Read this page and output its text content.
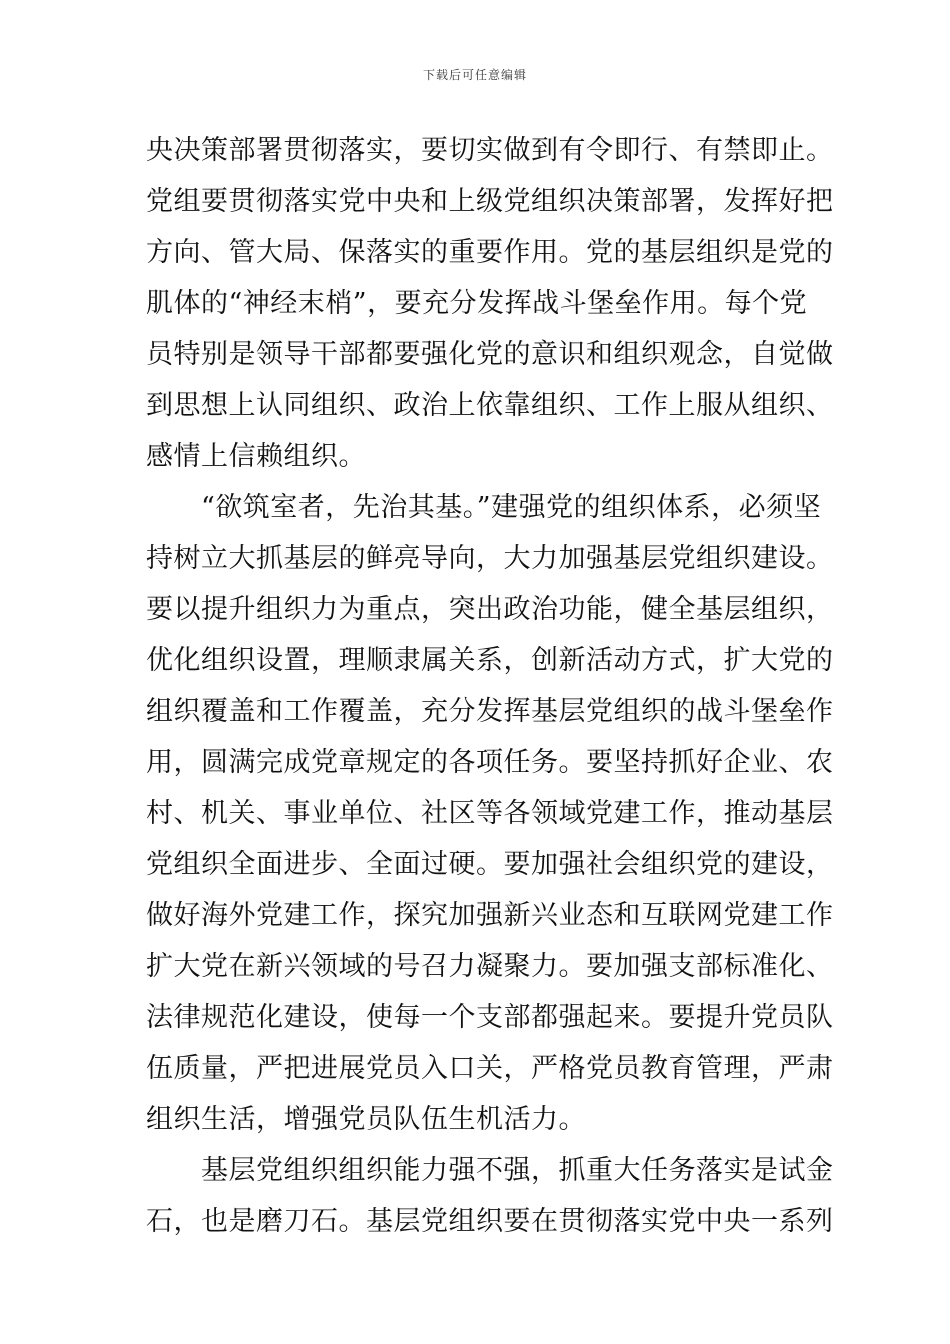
下载后可任意编辑
央决策部署贯彻落实，要切实做到有令即行、有禁即止。
党组要贯彻落实党中央和上级党组织决策部署，发挥好把
方向、管大局、保落实的重要作用。党的基层组织是党的
肌体的“神经末梢”，要充分发挥战斗堡垒作用。每个党
员特别是领导干部都要强化党的意识和组织观念，自觉做
到思想上认同组织、政治上依靠组织、工作上服从组织、
感情上信赖组织。
　　“欲筑室者，先治其基。”建强党的组织体系，必须坚
持树立大抓基层的鲜亮导向，大力加强基层党组织建设。
要以提升组织力为重点，突出政治功能，健全基层组织，
优化组织设置，理顺隶属关系，创新活动方式，扩大党的
组织覆盖和工作覆盖，充分发挥基层党组织的战斗堡垒作
用，圆满完成党章规定的各项任务。要坚持抓好企业、农
村、机关、事业单位、社区等各领域党建工作，推动基层
党组织全面进步、全面过硬。要加强社会组织党的建设，
做好海外党建工作，探究加强新兴业态和互联网党建工作
扩大党在新兴领域的号召力凝聚力。要加强支部标准化、
法律规范化建设，使每一个支部都强起来。要提升党员队
伍质量，严把进展党员入口关，严格党员教育管理，严肃
组织生活，增强党员队伍生机活力。
　　基层党组织组织能力强不强，抓重大任务落实是试金
石，也是磨刀石。基层党组织要在贯彻落实党中央一系列
